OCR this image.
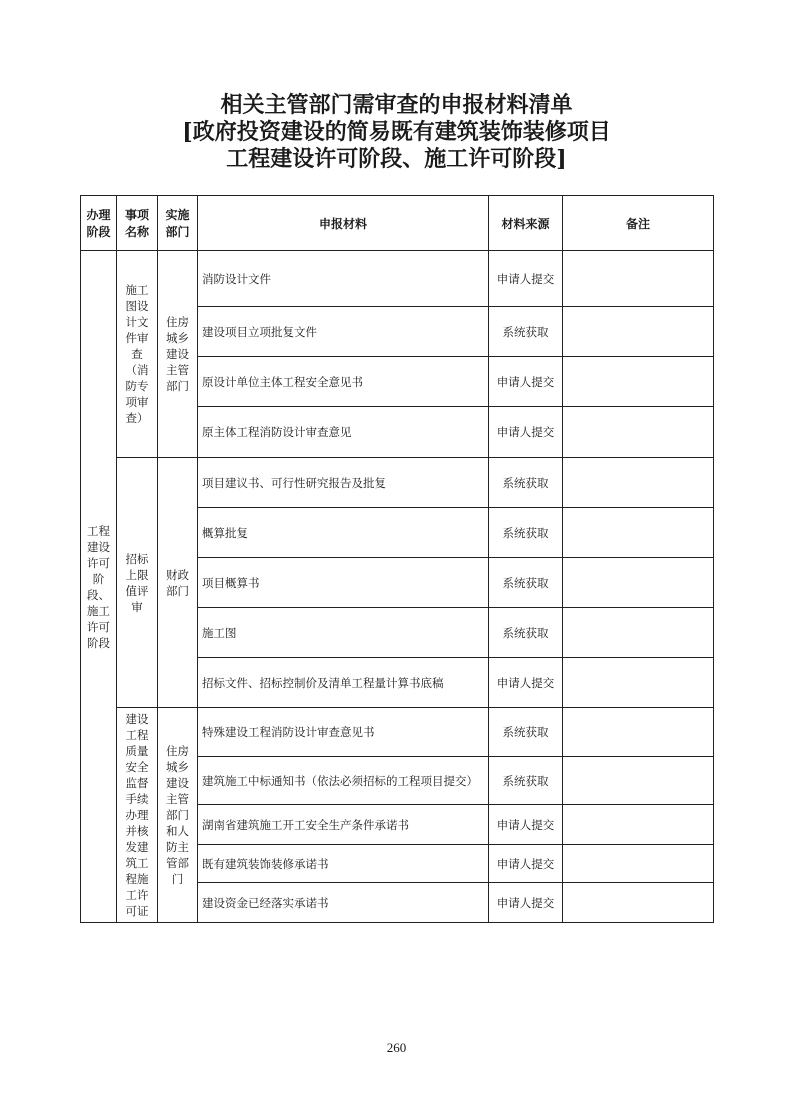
相关主管部门需审查的申报材料清单
[政府投资建设的简易既有建筑装饰装修项目
工程建设许可阶段、施工许可阶段]
办理阶段	事项名称	实施部门	申报材料	材料来源	备注
工程建设许可阶段、施工许可阶段	施工图设计文件审查（消防专项审查）	住房城乡建设主管部门	消防设计文件	申请人提交	
			建设项目立项批复文件	系统获取	
			原设计单位主体工程安全意见书	申请人提交	
			原主体工程消防设计审查意见	申请人提交	
	招标上限值评审	财政部门	项目建议书、可行性研究报告及批复	系统获取	
			概算批复	系统获取	
			项目概算书	系统获取	
			施工图	系统获取	
			招标文件、招标控制价及清单工程量计算书底稿	申请人提交	
	建设工程质量安全监督手续办理并核发建筑工程施工许可证	住房城乡建设主管部门和人防主管部门	特殊建设工程消防设计审查意见书	系统获取	
			建筑施工中标通知书（依法必须招标的工程项目提交）	系统获取	
			湖南省建筑施工开工安全生产条件承诺书	申请人提交	
			既有建筑装饰装修承诺书	申请人提交	
			建设资金已经落实承诺书	申请人提交	
260
